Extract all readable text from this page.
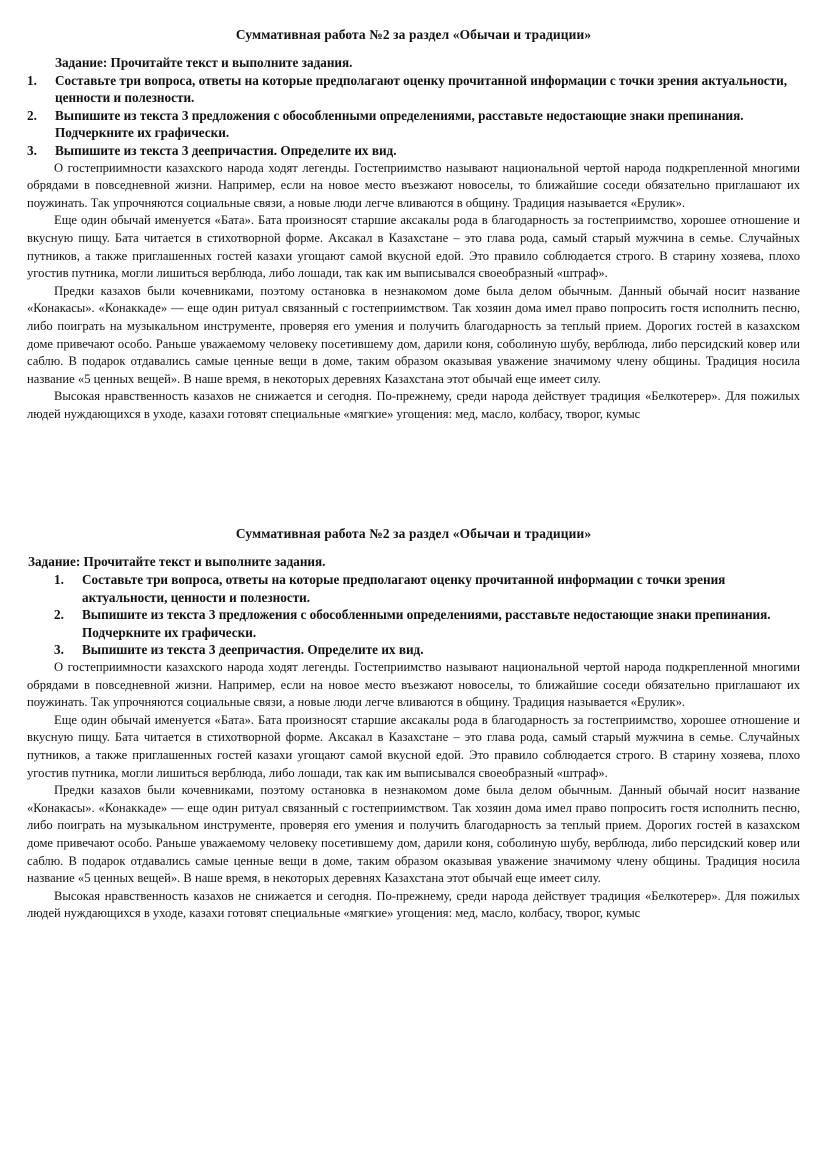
Суммативная работа №2 за раздел «Обычаи и традиции»

Задание: Прочитайте текст и выполните задания.

Составьте три вопроса, ответы на которые предполагают оценку прочитанной информации с точки зрения актуальности, ценности и полезности.
Выпишите из текста 3 предложения с обособленными определениями, расставьте недостающие знаки препинания. Подчеркните их графически.
Выпишите из текста 3 деепричастия. Определите их вид.

О гостеприимности казахского народа ходят легенды. Гостеприимство называют национальной чертой народа подкрепленной многими обрядами в повседневной жизни. Например, если на новое место въезжают новоселы, то ближайшие соседи обязательно приглашают их поужинать. Так упрочняются социальные связи, а новые люди легче вливаются в общину. Традиция называется «Ерулик».

Еще один обычай именуется «Бата». Бата произносят старшие аксакалы рода в благодарность за гостеприимство, хорошее отношение и вкусную пищу. Бата читается в стихотворной форме. Аксакал в Казахстане – это глава рода, самый старый мужчина в семье. Случайных путников, а также приглашенных гостей казахи угощают самой вкусной едой. Это правило соблюдается строго. В старину хозяева, плохо угостив путника, могли лишиться верблюда, либо лошади, так как им выписывался своеобразный «штраф».

Предки казахов были кочевниками, поэтому остановка в незнакомом доме была делом обычным. Данный обычай носит название «Конакасы». «Конаккаде» — еще один ритуал связанный с гостеприимством. Так хозяин дома имел право попросить гостя исполнить песню, либо поиграть на музыкальном инструменте, проверяя его умения и получить благодарность за теплый прием. Дорогих гостей в казахском доме привечают особо. Раньше уважаемому человеку посетившему дом, дарили коня, соболиную шубу, верблюда, либо персидский ковер или саблю. В подарок отдавались самые ценные вещи в доме, таким образом оказывая уважение значимому члену общины. Традиция носила название «5 ценных вещей». В наше время, в некоторых деревнях Казахстана этот обычай еще имеет силу.

Высокая нравственность казахов не снижается и сегодня. По-прежнему, среди народа действует традиция «Белкотерер». Для пожилых людей нуждающихся в уходе, казахи готовят специальные «мягкие» угощения: мед, масло, колбасу, творог, кумыс

Суммативная работа №2 за раздел «Обычаи и традиции»

Задание: Прочитайте текст и выполните задания.

Составьте три вопроса, ответы на которые предполагают оценку прочитанной информации с точки зрения актуальности, ценности и полезности.
Выпишите из текста 3 предложения с обособленными определениями, расставьте недостающие знаки препинания. Подчеркните их графически.
Выпишите из текста 3 деепричастия. Определите их вид.

О гостеприимности казахского народа ходят легенды. Гостеприимство называют национальной чертой народа подкрепленной многими обрядами в повседневной жизни. Например, если на новое место въезжают новоселы, то ближайшие соседи обязательно приглашают их поужинать. Так упрочняются социальные связи, а новые люди легче вливаются в общину. Традиция называется «Ерулик».

Еще один обычай именуется «Бата». Бата произносят старшие аксакалы рода в благодарность за гостеприимство, хорошее отношение и вкусную пищу. Бата читается в стихотворной форме. Аксакал в Казахстане – это глава рода, самый старый мужчина в семье. Случайных путников, а также приглашенных гостей казахи угощают самой вкусной едой. Это правило соблюдается строго. В старину хозяева, плохо угостив путника, могли лишиться верблюда, либо лошади, так как им выписывался своеобразный «штраф».

Предки казахов были кочевниками, поэтому остановка в незнакомом доме была делом обычным. Данный обычай носит название «Конакасы». «Конаккаде» — еще один ритуал связанный с гостеприимством. Так хозяин дома имел право попросить гостя исполнить песню, либо поиграть на музыкальном инструменте, проверяя его умения и получить благодарность за теплый прием. Дорогих гостей в казахском доме привечают особо. Раньше уважаемому человеку посетившему дом, дарили коня, соболиную шубу, верблюда, либо персидский ковер или саблю. В подарок отдавались самые ценные вещи в доме, таким образом оказывая уважение значимому члену общины. Традиция носила название «5 ценных вещей». В наше время, в некоторых деревнях Казахстана этот обычай еще имеет силу.

Высокая нравственность казахов не снижается и сегодня. По-прежнему, среди народа действует традиция «Белкотерер». Для пожилых людей нуждающихся в уходе, казахи готовят специальные «мягкие» угощения: мед, масло, колбасу, творог, кумыс
